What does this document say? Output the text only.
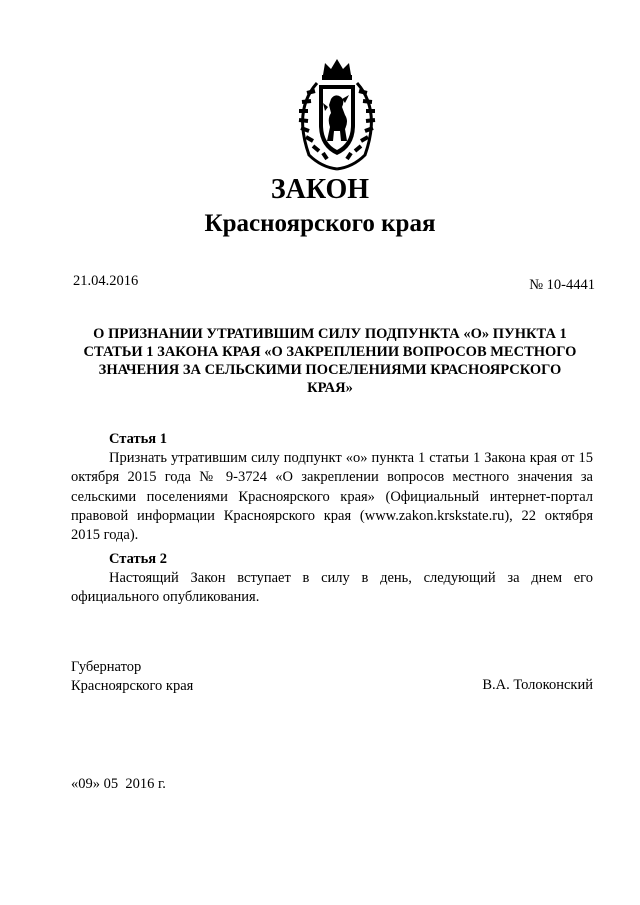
ЗАКОН
Красноярского края
21.04.2016	№ 10-4441
О ПРИЗНАНИИ УТРАТИВШИМ СИЛУ ПОДПУНКТА «О» ПУНКТА 1 СТАТЬИ 1 ЗАКОНА КРАЯ «О ЗАКРЕПЛЕНИИ ВОПРОСОВ МЕСТНОГО ЗНАЧЕНИЯ ЗА СЕЛЬСКИМИ ПОСЕЛЕНИЯМИ КРАСНОЯРСКОГО КРАЯ»
Статья 1

Признать утратившим силу подпункт «о» пункта 1 статьи 1 Закона края от 15 октября 2015 года № 9-3724 «О закреплении вопросов местного значения за сельскими поселениями Красноярского края» (Официальный интернет-портал правовой информации Красноярского края (www.zakon.krskstate.ru), 22 октября 2015 года).

Статья 2

Настоящий Закон вступает в силу в день, следующий за днем его официального опубликования.

Губернатор
Красноярского края	В.А. Толоконский
«09» 05  2016 г.
